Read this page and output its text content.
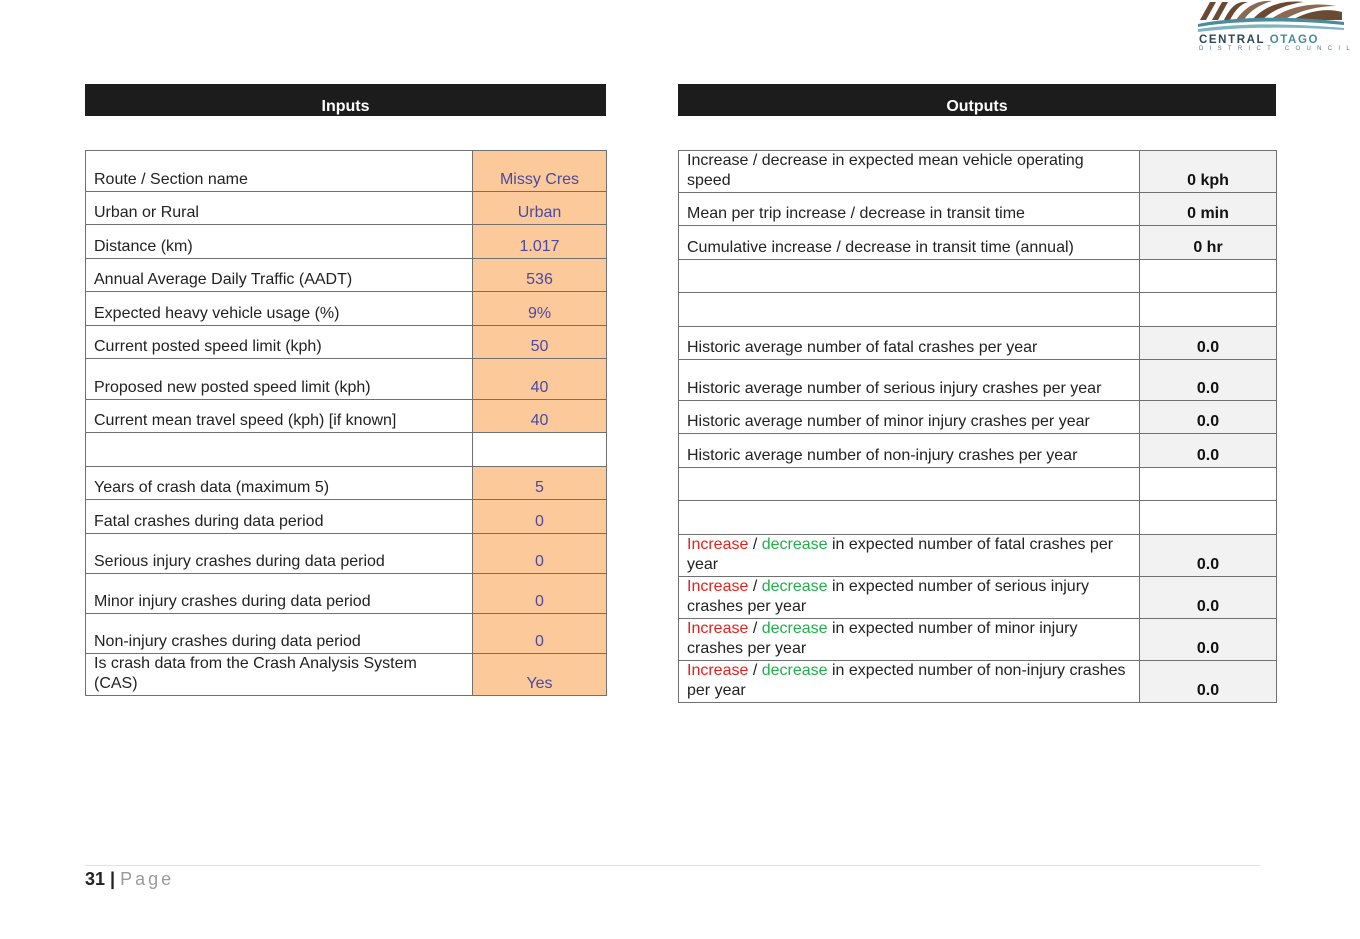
CENTRAL OTAGO
DISTRICT COUNCIL
Inputs	Outputs
Route / Section name	Missy Cres
Urban or Rural	Urban
Distance (km)	1.017
Annual Average Daily Traffic (AADT)	536
Expected heavy vehicle usage (%)	9%
Current posted speed limit (kph)	50
Proposed new posted speed limit (kph)	40
Current mean travel speed (kph) [if known]	40

Years of crash data (maximum 5)	5
Fatal crashes during data period	0
Serious injury crashes during data period	0
Minor injury crashes during data period	0
Non-injury crashes during data period	0
Is crash data from the Crash Analysis System (CAS)	Yes
Increase / decrease in expected mean vehicle operating speed	0 kph
Mean per trip increase / decrease in transit time	0 min
Cumulative increase / decrease in transit time (annual)	0 hr

Historic average number of fatal crashes per year	0.0
Historic average number of serious injury crashes per year	0.0
Historic average number of minor injury crashes per year	0.0
Historic average number of non-injury crashes per year	0.0

Increase / decrease in expected number of fatal crashes per year	0.0
Increase / decrease in expected number of serious injury crashes per year	0.0
Increase / decrease in expected number of minor injury crashes per year	0.0
Increase / decrease in expected number of non-injury crashes per year	0.0
31 | Page
